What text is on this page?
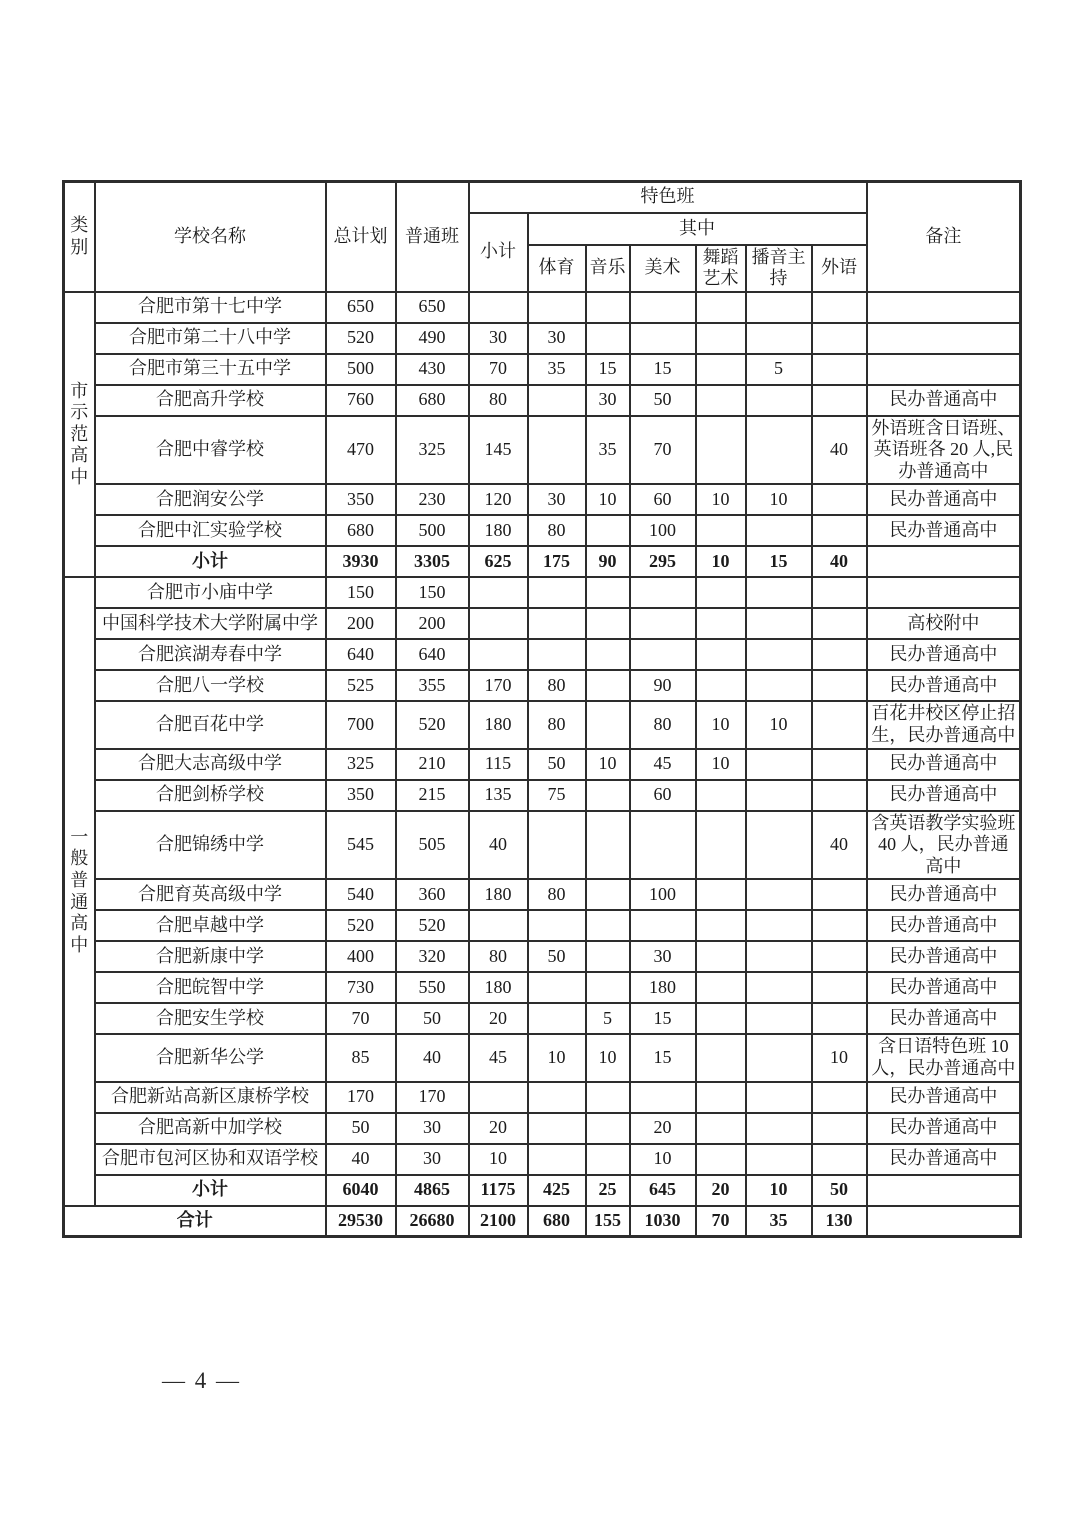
类别	学校名称	总计划	普通班	特色班							备注
				小计	其中						
					体育	音乐	美术	舞蹈艺术	播音主持	外语	
市示范高中	合肥市第十七中学	650	650								
	合肥市第二十八中学	520	490	30	30						
	合肥市第三十五中学	500	430	70	35	15	15		5		
	合肥高升学校	760	680	80		30	50				民办普通高中
	合肥中睿学校	470	325	145		35	70			40	外语班含日语班、英语班各 20 人,民办普通高中
	合肥润安公学	350	230	120	30	10	60	10	10		民办普通高中
	合肥中汇实验学校	680	500	180	80		100				民办普通高中
	小计	3930	3305	625	175	90	295	10	15	40	
一般普通高中	合肥市小庙中学	150	150								
	中国科学技术大学附属中学	200	200								高校附中
	合肥滨湖寿春中学	640	640								民办普通高中
	合肥八一学校	525	355	170	80		90				民办普通高中
	合肥百花中学	700	520	180	80		80	10	10		百花井校区停止招生，民办普通高中
	合肥大志高级中学	325	210	115	50	10	45	10			民办普通高中
	合肥剑桥学校	350	215	135	75		60				民办普通高中
	合肥锦绣中学	545	505	40						40	含英语教学实验班 40 人，民办普通高中
	合肥育英高级中学	540	360	180	80		100				民办普通高中
	合肥卓越中学	520	520								民办普通高中
	合肥新康中学	400	320	80	50		30				民办普通高中
	合肥皖智中学	730	550	180			180				民办普通高中
	合肥安生学校	70	50	20		5	15				民办普通高中
	合肥新华公学	85	40	45	10	10	15			10	含日语特色班 10 人，民办普通高中
	合肥新站高新区康桥学校	170	170								民办普通高中
	合肥高新中加学校	50	30	20			20				民办普通高中
	合肥市包河区协和双语学校	40	30	10			10				民办普通高中
	小计	6040	4865	1175	425	25	645	20	10	50	
合计		29530	26680	2100	680	155	1030	70	35	130	
— 4 —
